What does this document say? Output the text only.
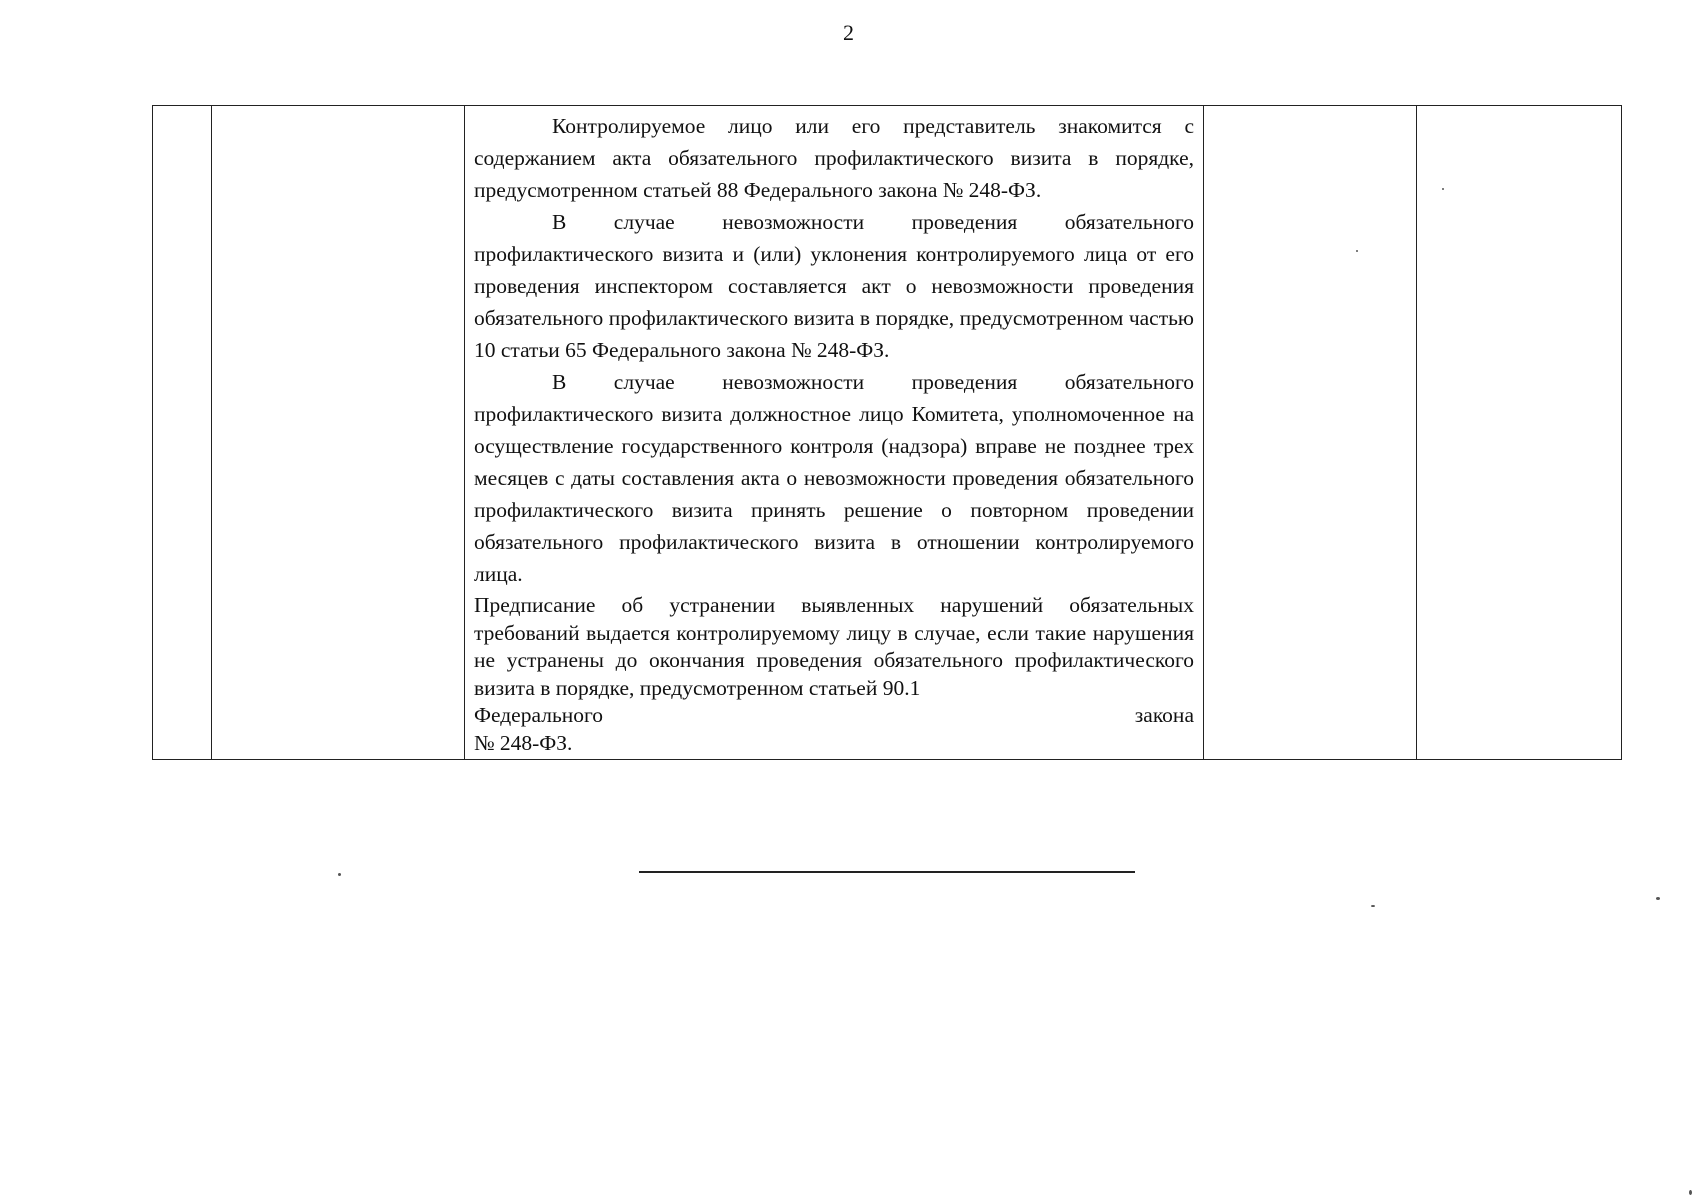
2

Контролируемое лицо или его представитель знакомится с содержанием акта обязательного профилактического визита в порядке, предусмотренном статьей 88 Федерального закона № 248-ФЗ.

В случае невозможности проведения обязательного профилактического визита и (или) уклонения контролируемого лица от его проведения инспектором составляется акт о невозможности проведения обязательного профилактического визита в порядке, предусмотренном частью 10 статьи 65 Федерального закона № 248-ФЗ.

В случае невозможности проведения обязательного профилактического визита должностное лицо Комитета, уполномоченное на осуществление государственного контроля (надзора) вправе не позднее трех месяцев с даты составления акта о невозможности проведения обязательного профилактического визита принять решение о повторном проведении обязательного профилактического визита в отношении контролируемого лица.

Предписание об устранении выявленных нарушений обязательных требований выдается контролируемому лицу в случае, если такие нарушения не устранены до окончания проведения обязательного профилактического визита в порядке, предусмотренном статьей 90.1
Федерального	закона
№ 248-ФЗ.
